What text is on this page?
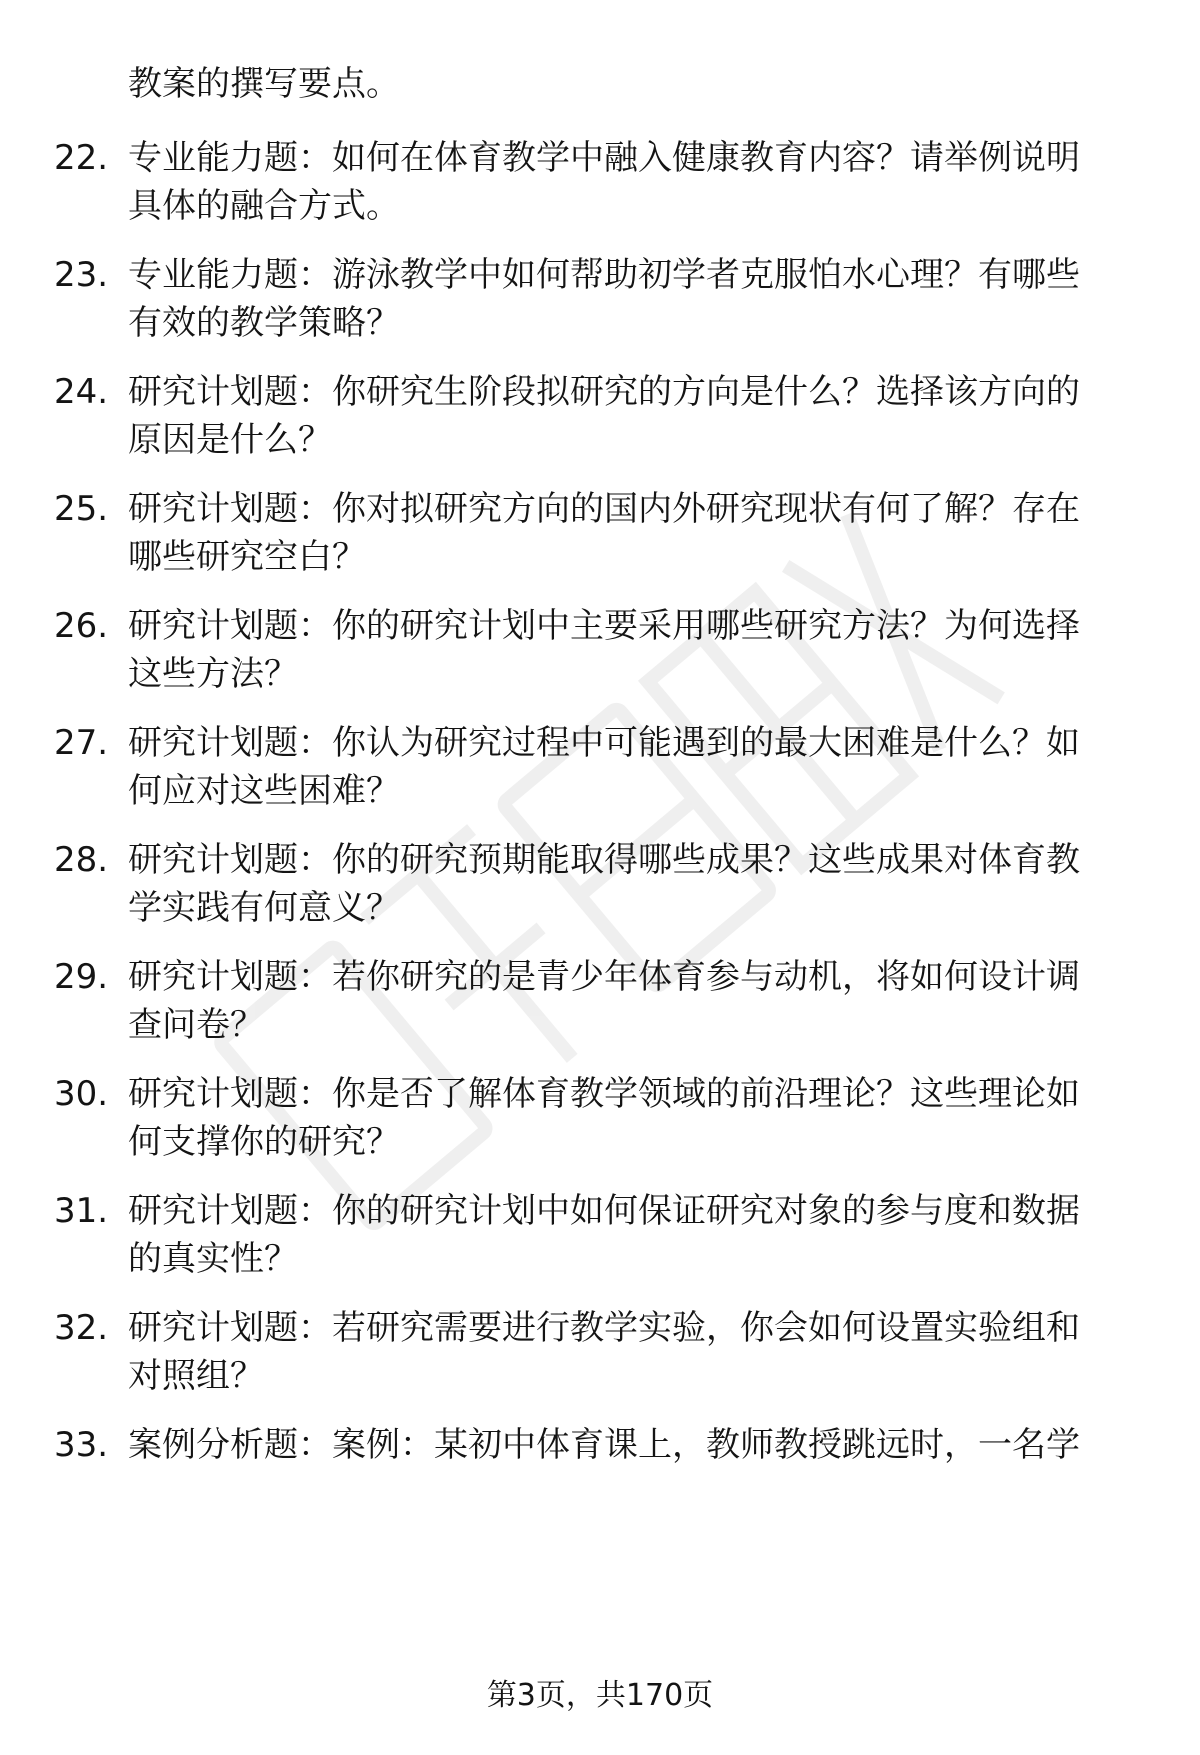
教案的撰写要点。
22. 专业能力题：如何在体育教学中融入健康教育内容？请举例说明
具体的融合方式。
23. 专业能力题：游泳教学中如何帮助初学者克服怕水心理？有哪些
有效的教学策略？
24. 研究计划题：你研究生阶段拟研究的方向是什么？选择该方向的
原因是什么？
25. 研究计划题：你对拟研究方向的国内外研究现状有何了解？存在
哪些研究空白？
26. 研究计划题：你的研究计划中主要采用哪些研究方法？为何选择
这些方法？
27. 研究计划题：你认为研究过程中可能遇到的最大困难是什么？如
何应对这些困难？
28. 研究计划题：你的研究预期能取得哪些成果？这些成果对体育教
学实践有何意义？
29. 研究计划题：若你研究的是青少年体育参与动机，将如何设计调
查问卷？
30. 研究计划题：你是否了解体育教学领域的前沿理论？这些理论如
何支撑你的研究？
31. 研究计划题：你的研究计划中如何保证研究对象的参与度和数据
的真实性？
32. 研究计划题：若研究需要进行教学实验，你会如何设置实验组和
对照组？
33. 案例分析题：案例：某初中体育课上，教师教授跳远时，一名学
第3页，共170页
